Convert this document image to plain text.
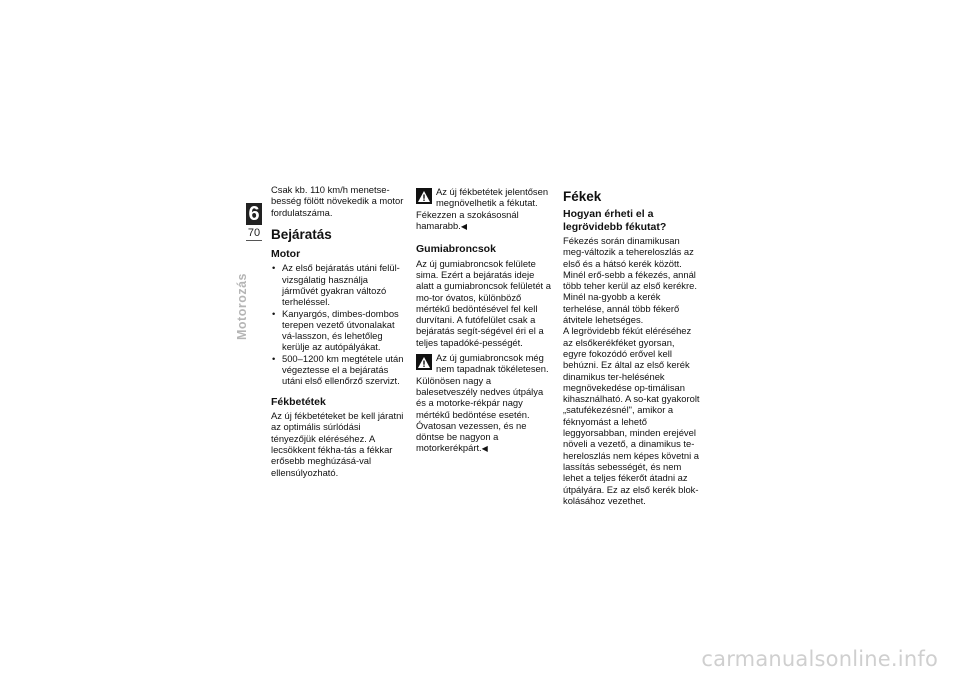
6
70
Motorozás

Csak kb. 110 km/h menetse-besség fölött növekedik a motor fordulatszáma.

Bejáratás
Motor
• Az első bejáratás utáni felül-vizsgálatig használja járművét gyakran változó terheléssel.
• Kanyargós, dimbes-dombos terepen vezető útvonalakat vá-lasszon, és lehetőleg kerülje az autópályákat.
• 500–1200 km megtétele után végeztesse el a bejáratás utáni első ellenőrző szervizt.
Fékbetétek

Az új fékbetéteket be kell járatni az optimális súrlódási tényezőjük eléréséhez. A lecsökkent fékha-tás a fékkar erősebb meghúzásá-val ellensúlyozható.

Az új fékbetétek jelentősen megnövelhetik a fékutat.

Fékezzen a szokásosnál hamarabb.◀

Gumiabroncsok

Az új gumiabroncsok felülete sima. Ezért a bejáratás ideje alatt a gumiabroncsok felületét a mo-tor óvatos, különböző mértékű bedöntésével fel kell durvítani. A futófelület csak a bejáratás segít-ségével éri el a teljes tapadóké-pességét.

Az új gumiabroncsok még nem tapadnak tökéletesen.

Különösen nagy a balesetveszély nedves útpálya és a motorke-rékpár nagy mértékű bedöntése esetén.

Óvatosan vezessen, és ne döntse be nagyon a motorkerékpárt.◀

Fékek
Hogyan érheti el a legrövidebb fékutat?

Fékezés során dinamikusan meg-változik a tehereloszlás az első és a hátsó kerék között. Minél erő-sebb a fékezés, annál több teher kerül az első kerékre. Minél na-gyobb a kerék terhelése, annál több fékerő átvitele lehetséges.

A legrövidebb fékút eléréséhez az elsőkerékféket gyorsan, egyre fokozódó erővel kell behúzni. Ez által az első kerék dinamikus ter-helésének megnövekedése op-timálisan kihasználható. A so-kat gyakorolt „satufékezésnél", amikor a féknyomást a lehető leggyorsabban, minden erejével növeli a vezető, a dinamikus te-hereloszlás nem képes követni a lassítás sebességét, és nem lehet a teljes fékerőt átadni az útpályára. Ez az első kerék blok-kolásához vezethet.

carmanualsonline.info
